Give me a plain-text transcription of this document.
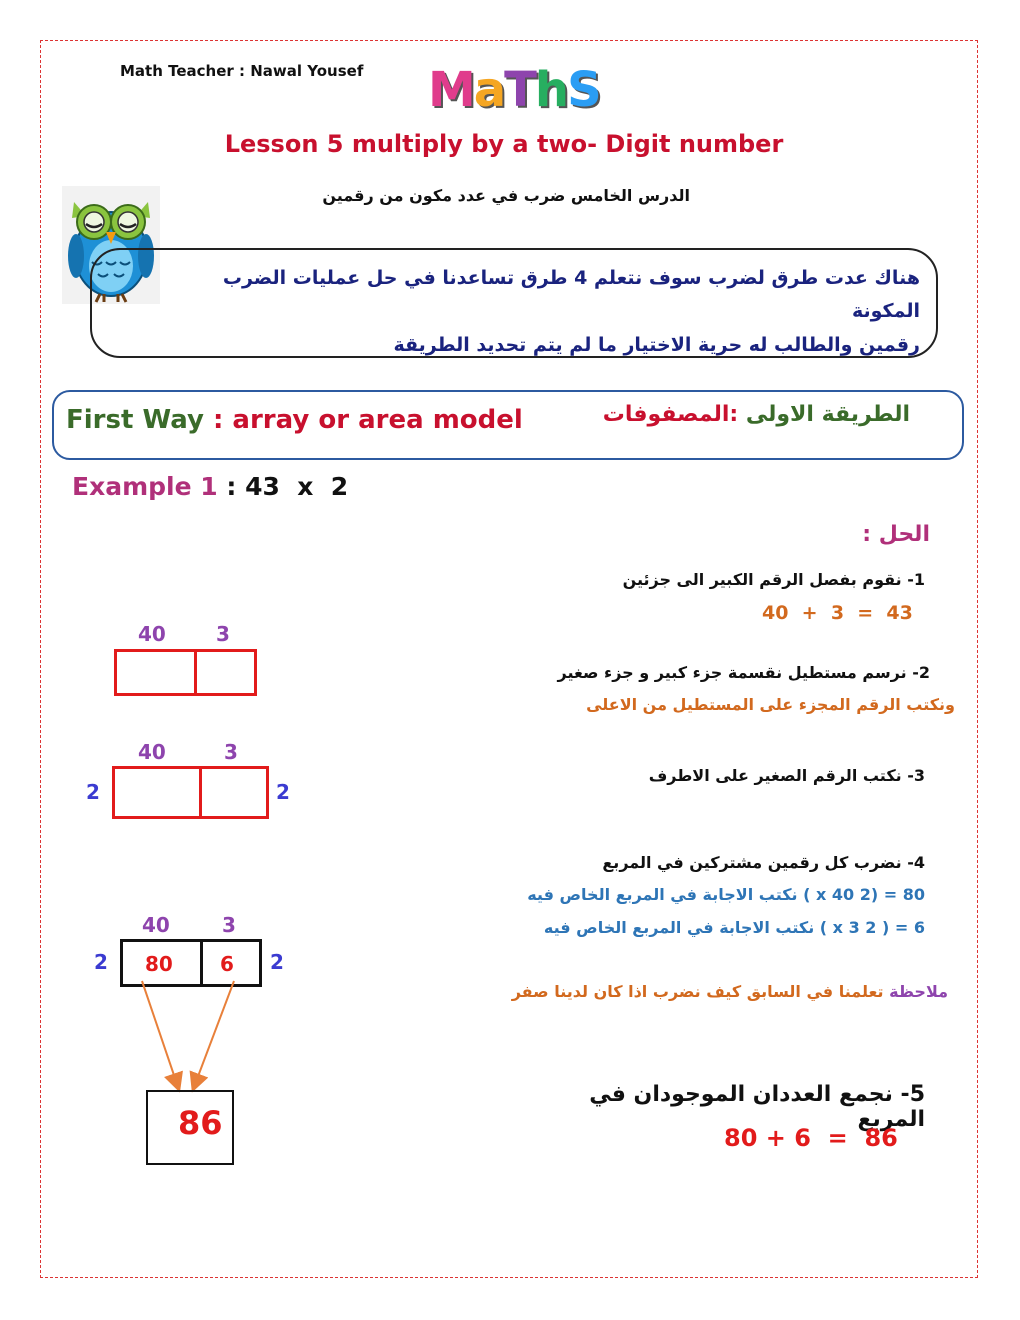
Math Teacher : Nawal Yousef MaThS
Lesson 5 multiply by a two- Digit number
الدرس الخامس ضرب في عدد مكون من رقمين
هناك عدت طرق لضرب سوف نتعلم 4 طرق تساعدنا في حل عمليات الضرب المكونة
رقمين والطالب له حرية الاختيار ما لم يتم تحديد الطريقة
First Way : array or area model	الطريقة الاولى :المصفوفات
Example 1 : 43  x  2
الحل :
1- نقوم بفصل الرقم الكبير الى جزئين
40  +  3  =  43
2- نرسم مستطيل نقسمة جزء كبير و جزء صغير
ونكتب الرقم المجزء على المستطيل من الاعلى
3- نكتب الرقم الصغير على الاطرف
4- نضرب كل رقمين مشتركين في المربع
80 = (2 x 40 ) نكتب الاجابة في المربع الخاص فيه
6 = ( 2 x 3 ) نكتب الاجابة في المربع الخاص فيه
ملاحظة تعلمنا في السابق كيف نضرب اذا كان لدينا صفر
5- نجمع العددان الموجودان في المربع
80 + 6  =  86
40	3
40	3
2	2
40	3
2	2
80 6
86
